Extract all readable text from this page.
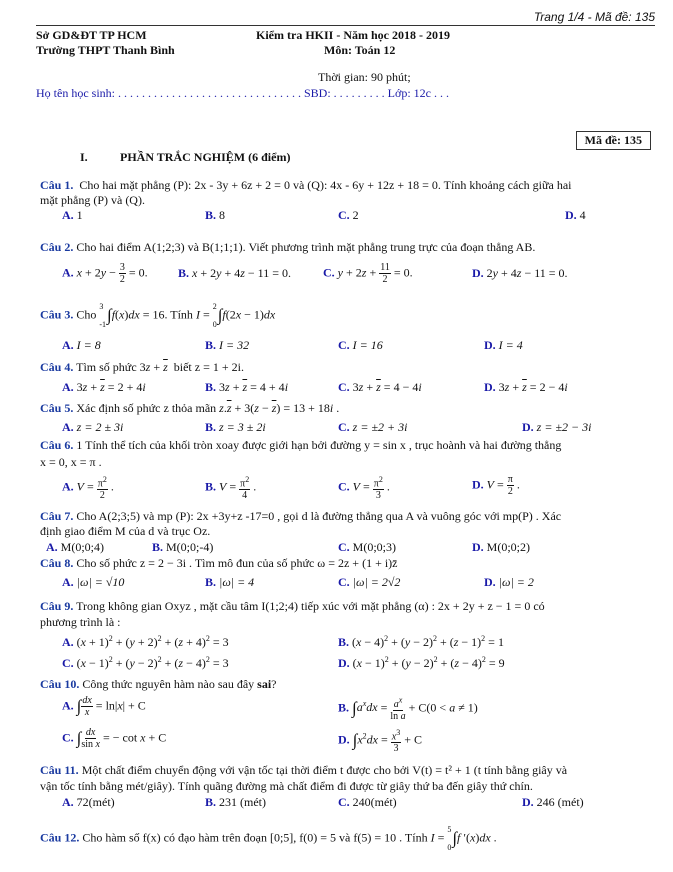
Trang 1/4 - Mã đề: 135
Sở GD&ĐT TP HCM	Kiểm tra HKII - Năm học 2018 - 2019
Trường THPT Thanh Bình	Môn: Toán 12
Thời gian: 90 phút;
Họ tên học sinh: . . . . . . . . . . . . . . . . . . . . . . . . . . . . . . . SBD: . . . . . . . . . Lớp: 12c . . .
Mã đề: 135
I.	PHẦN TRẮC NGHIỆM (6 điểm)
Câu 1. Cho hai mặt phẳng (P): 2x - 3y + 6z + 2 = 0 và (Q): 4x - 6y + 12z + 18 = 0. Tính khoảng cách giữa hai
mặt phẳng (P) và (Q).
A. 1	B. 8	C. 2	D. 4
Câu 2. Cho hai điểm A(1;2;3) và B(1;1;1). Viết phương trình mặt phẳng trung trực của đoạn thẳng AB.
A. $x + 2y - \frac{3}{2} = 0$.	B. x + 2y + 4z − 11 = 0.	C. $y + 2z + \frac{11}{2} = 0$.	D. 2y + 4z − 11 = 0.
Câu 3. Cho
3

-1 ∫f(x)dx = 16. Tính I =
2

0 ∫f(2x − 1)dx
A. I = 8	B. I = 32	C. I = 16	D. I = 4
Câu 4. Tìm số phức $3z + \overline{z}$ biết z = 1 + 2i.
A. $3z + \overline{z} = 2 + 4i$	B. $3z + \overline{z} = 4 + 4i$	C. $3z + \overline{z} = 4 - 4i$	D. $3z + \overline{z} = 2 - 4i$
Câu 5. Xác định số phức z thỏa mãn $z.\overline{z} + 3(z - \overline{z}) = 13 + 18i$ .
A. z = 2 ± 3i	B. z = 3 ± 2i	C. z = ±2 + 3i	D. z = ±2 − 3i
Câu 6. 1 Tính thể tích của khối tròn xoay được giới hạn bởi đường y = sin x , trục hoành và hai đường thẳng
x = 0, x = π .
A. $V = \frac{\pi^2}{2}$ .	B. $V = \frac{\pi^2}{4}$ .	C. $V = \frac{\pi^2}{3}$ .	D. $V = \frac{\pi}{2}$ .
Câu 7. Cho A(2;3;5) và mp (P): 2x +3y+z -17=0 , gọi d là đường thẳng qua A và vuông góc với mp(P) . Xác
định giao điểm M của d và trục Oz.
A. M(0;0;4)	B. M(0;0;-4)	C. M(0;0;3)	D. M(0;0;2)
Câu 8. Cho số phức z = 2 − 3i . Tìm mô đun của số phức ω = 2z + (1 + i)z̄
A. |ω| = √10	B. |ω| = 4	C. |ω| = 2√2	D. |ω| = 2
Câu 9. Trong không gian Oxyz , mặt cầu tâm I(1;2;4) tiếp xúc với mặt phẳng (α) : 2x + 2y + z − 1 = 0 có
phương trình là :
A. $(x + 1)^2 + (y + 2)^2 + (z + 4)^2 = 3$	B. $(x - 4)^2 + (y - 2)^2 + (z - 1)^2 = 1$
C. $(x - 1)^2 + (y - 2)^2 + (z - 4)^2 = 3$	D. $(x - 1)^2 + (y - 2)^2 + (z - 4)^2 = 9$
Câu 10. Công thức nguyên hàm nào sau đây sai?
A. ∫ $\frac{dx}{x} = \ln|x| + C$	B. $\int a^xdx = \frac{a^x}{\text{ln a}} + C(0 < a \ne 1)$
C. ∫ $\frac{dx}{\text{sin x}}$ = − cot x + C	D. $\int x^2dx = \frac{x^3}{3} + C$
Câu 11. Một chất điểm chuyển động với vận tốc tại thời điểm t được cho bởi V(t) = t² + 1 (t tính bằng giây và
vận tốc tính bằng mét/giây). Tính quãng đường mà chất điểm đi được từ giây thứ ba đến giây thứ chín.
A. 72(mét)	B. 231 (mét)	C. 240(mét)	D. 246 (mét)
Câu 12. Cho hàm số f(x) có đạo hàm trên đoạn [0;5], f(0) = 5 và f(5) = 10 . Tính I =
5

0 ∫f ′(x)dx .
